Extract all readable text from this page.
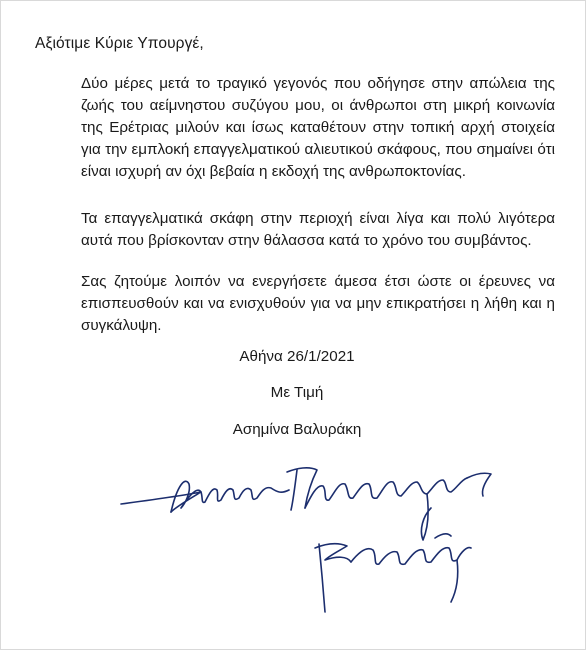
Αξιότιμε Κύριε Υπουργέ,

Δύο μέρες μετά το τραγικό γεγονός που οδήγησε στην απώλεια της ζωής του αείμνηστου συζύγου μου, οι άνθρωποι στη μικρή κοινωνία της Ερέτριας μιλούν και ίσως καταθέτουν στην τοπική αρχή στοιχεία για την εμπλοκή επαγγελματικού αλιευτικού σκάφους, που σημαίνει ότι είναι ισχυρή αν όχι βεβαία η εκδοχή της ανθρωποκτονίας.

Τα επαγγελματικά σκάφη στην περιοχή είναι λίγα και πολύ λιγότερα αυτά που βρίσκονταν στην θάλασσα κατά το χρόνο του συμβάντος.

Σας ζητούμε λοιπόν να ενεργήσετε άμεσα έτσι ώστε οι έρευνες να επισπευσθούν και να ενισχυθούν για να μην επικρατήσει η λήθη και η συγκάλυψη.

Αθήνα 26/1/2021
Με Τιμή
Ασημίνα Βαλυράκη
